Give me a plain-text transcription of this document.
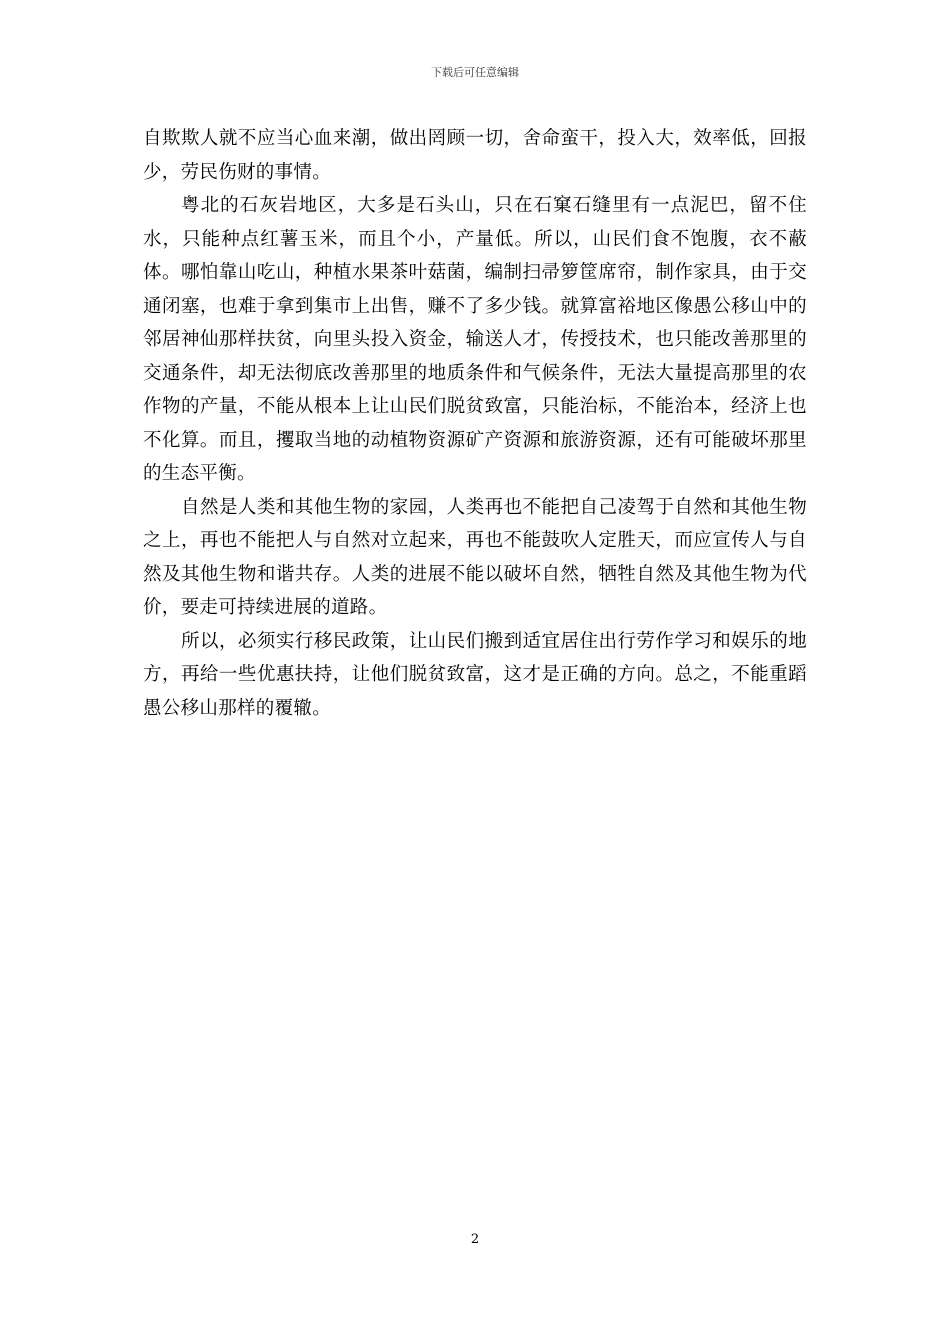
下载后可任意编辑

自欺欺人就不应当心血来潮，做出罔顾一切，舍命蛮干，投入大，效率低，回报少，劳民伤财的事情。

粤北的石灰岩地区，大多是石头山，只在石窠石缝里有一点泥巴，留不住水，只能种点红薯玉米，而且个小，产量低。所以，山民们食不饱腹，衣不蔽体。哪怕靠山吃山，种植水果茶叶菇菌，编制扫帚箩筐席帘，制作家具，由于交通闭塞，也难于拿到集市上出售，赚不了多少钱。就算富裕地区像愚公移山中的邻居神仙那样扶贫，向里头投入资金，输送人才，传授技术，也只能改善那里的交通条件，却无法彻底改善那里的地质条件和气候条件，无法大量提高那里的农作物的产量，不能从根本上让山民们脱贫致富，只能治标，不能治本，经济上也不化算。而且，攫取当地的动植物资源矿产资源和旅游资源，还有可能破坏那里的生态平衡。

自然是人类和其他生物的家园，人类再也不能把自己凌驾于自然和其他生物之上，再也不能把人与自然对立起来，再也不能鼓吹人定胜天，而应宣传人与自然及其他生物和谐共存。人类的进展不能以破坏自然，牺牲自然及其他生物为代价，要走可持续进展的道路。

所以，必须实行移民政策，让山民们搬到适宜居住出行劳作学习和娱乐的地方，再给一些优惠扶持，让他们脱贫致富，这才是正确的方向。总之，不能重蹈愚公移山那样的覆辙。

2
